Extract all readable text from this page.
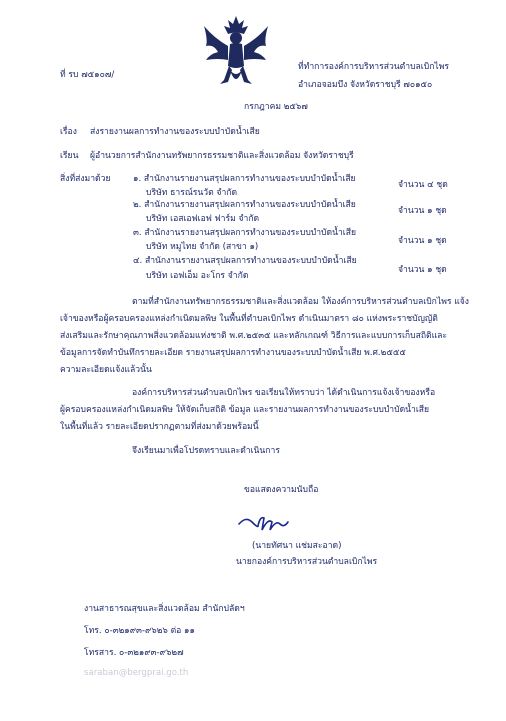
ที่ รบ ๗๕๑๐๗/
ที่ทำการองค์การบริหารส่วนตำบลเบิกไพร
อำเภอจอมบึง จังหวัดราชบุรี ๗๐๑๕๐
กรกฎาคม ๒๕๖๗
เรื่อง ส่งรายงานผลการทำงานของระบบบำบัดน้ำเสีย
เรียน ผู้อำนวยการสำนักงานทรัพยากรธรรมชาติและสิ่งแวดล้อม จังหวัดราชบุรี
สิ่งที่ส่งมาด้วย	๑. สำนักงานรายงานสรุปผลการทำงานของระบบบำบัดน้ำเสีย
บริษัท ธารณ์รนวัต จำกัด
จำนวน ๔ ชุด
๒. สำนักงานรายงานสรุปผลการทำงานของระบบบำบัดน้ำเสีย
บริษัท เอสเอฟเอฟ ฟาร์ม จำกัด
จำนวน ๑ ชุด
๓. สำนักงานรายงานสรุปผลการทำงานของระบบบำบัดน้ำเสีย
บริษัท หมูไทย จำกัด (สาขา ๑)
จำนวน ๑ ชุด
๔. สำนักงานรายงานสรุปผลการทำงานของระบบบำบัดน้ำเสีย
บริษัท เอฟเอ็ม อะโกร จำกัด
จำนวน ๑ ชุด
ตามที่สำนักงานทรัพยากรธรรมชาติและสิ่งแวดล้อม ให้องค์การบริหารส่วนตำบลเบิกไพร แจ้ง
เจ้าของหรือผู้ครอบครองแหล่งกำเนิดมลพิษ ในพื้นที่ตำบลเบิกไพร ดำเนินมาตรา ๘๐ แห่งพระราชบัญญัติ
ส่งเสริมและรักษาคุณภาพสิ่งแวดล้อมแห่งชาติ พ.ศ.๒๕๓๕ และหลักเกณฑ์ วิธีการและแบบการเก็บสถิติและ
ข้อมูลการจัดทำบันทึกรายละเอียด รายงานสรุปผลการทำงานของระบบบำบัดน้ำเสีย พ.ศ.๒๕๕๕
ความละเอียดแจ้งแล้วนั้น
องค์การบริหารส่วนตำบลเบิกไพร ขอเรียนให้ทราบว่า ได้ดำเนินการแจ้งเจ้าของหรือ
ผู้ครอบครองแหล่งกำเนิดมลพิษ ให้จัดเก็บสถิติ ข้อมูล และรายงานผลการทำงานของระบบบำบัดน้ำเสีย
ในพื้นที่แล้ว รายละเอียดปรากฏตามที่ส่งมาด้วยพร้อมนี้
จึงเรียนมาเพื่อโปรดทราบและดำเนินการ
ขอแสดงความนับถือ
(นายทัศนา แช่มสะอาด)
นายกองค์การบริหารส่วนตำบลเบิกไพร
งานสาธารณสุขและสิ่งแวดล้อม สำนักปลัดฯ
โทร. ๐-๓๒๑๙๓-๙๖๒๖ ต่อ ๑๑
โทรสาร. ๐-๓๒๑๙๓-๙๖๒๗
saraban@bergprai.go.th
